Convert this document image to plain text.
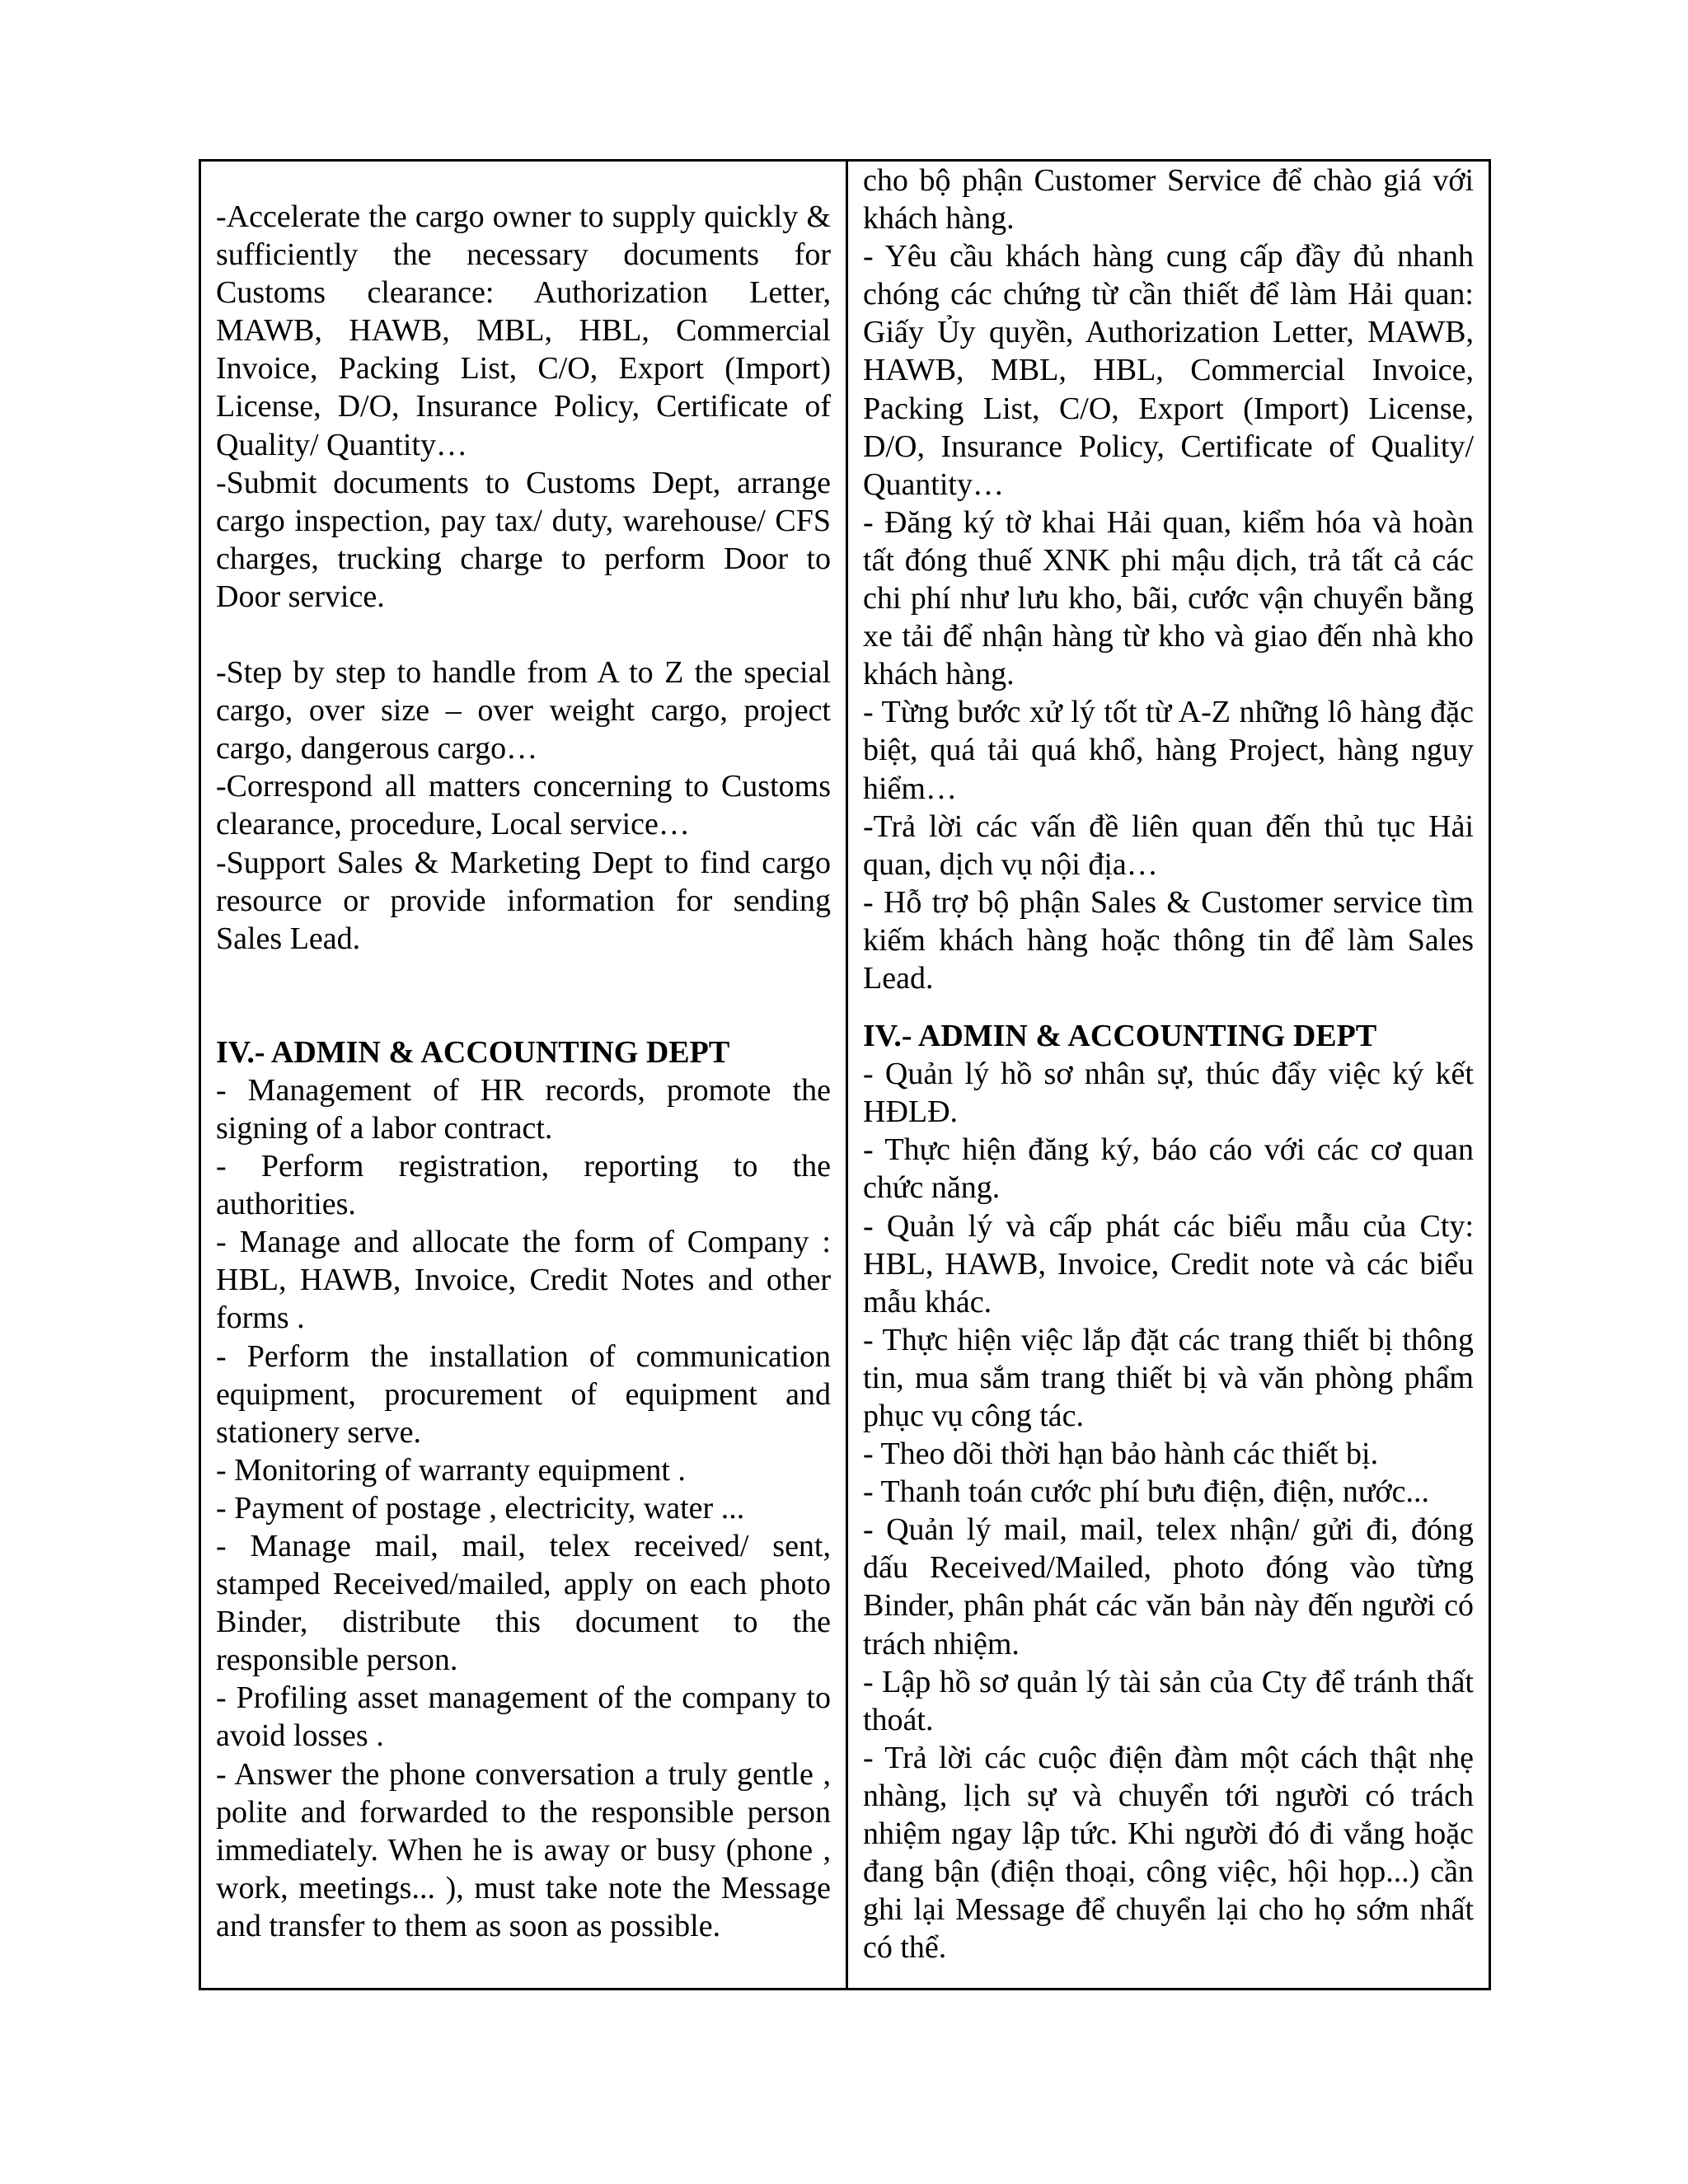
-Accelerate the cargo owner to supply quickly & sufficiently the necessary documents for Customs clearance: Authorization Letter, MAWB, HAWB, MBL, HBL, Commercial Invoice, Packing List, C/O, Export (Import) License, D/O, Insurance Policy, Certificate of Quality/ Quantity…

-Submit documents to Customs Dept, arrange cargo inspection, pay tax/ duty, warehouse/ CFS charges, trucking charge to perform Door to Door service.

-Step by step to handle from A to Z the special cargo, over size – over weight cargo, project cargo, dangerous cargo…

-Correspond all matters concerning to Customs clearance, procedure, Local service…

-Support Sales & Marketing Dept to find cargo resource or provide information for sending Sales Lead.

IV.- ADMIN & ACCOUNTING DEPT

- Management of HR records, promote the signing of a labor contract.

- Perform registration, reporting to the authorities.

- Manage and allocate the form of Company : HBL, HAWB, Invoice, Credit Notes and other forms .

- Perform the installation of communication equipment, procurement of equipment and stationery serve.

- Monitoring of warranty equipment .

- Payment of postage , electricity, water ...

- Manage mail, mail, telex received/ sent, stamped Received/mailed, apply on each photo Binder, distribute this document to the responsible person.

- Profiling asset management of the company to avoid losses .

- Answer the phone conversation a truly gentle , polite and forwarded to the responsible person immediately. When he is away or busy (phone , work, meetings... ), must take note the Message and transfer to them as soon as possible.

cho bộ phận Customer Service để chào giá với khách hàng.

- Yêu cầu khách hàng cung cấp đầy đủ nhanh chóng các chứng từ cần thiết để làm Hải quan: Giấy Ủy quyền, Authorization Letter, MAWB, HAWB, MBL, HBL, Commercial Invoice, Packing List, C/O, Export (Import) License, D/O, Insurance Policy, Certificate of Quality/ Quantity…

- Đăng ký tờ khai Hải quan, kiểm hóa và hoàn tất đóng thuế XNK phi mậu dịch, trả tất cả các chi phí như lưu kho, bãi, cước vận chuyển bằng xe tải để nhận hàng từ kho và giao đến nhà kho khách hàng.

- Từng bước xử lý tốt từ A-Z những lô hàng đặc biệt, quá tải quá khổ, hàng Project, hàng nguy hiểm…

-Trả lời các vấn đề liên quan đến thủ tục Hải quan, dịch vụ nội địa…

- Hỗ trợ bộ phận Sales & Customer service tìm kiếm khách hàng hoặc thông tin để làm Sales Lead.

IV.- ADMIN & ACCOUNTING DEPT

- Quản lý hồ sơ nhân sự, thúc đẩy việc ký kết HĐLĐ.

- Thực hiện đăng ký, báo cáo với các cơ quan chức năng.

- Quản lý và cấp phát các biểu mẫu của Cty: HBL, HAWB, Invoice, Credit note và các biểu mẫu khác.

- Thực hiện việc lắp đặt các trang thiết bị thông tin, mua sắm trang thiết bị và văn phòng phẩm phục vụ công tác.

- Theo dõi thời hạn bảo hành các thiết bị.

- Thanh toán cước phí bưu điện, điện, nước...

- Quản lý mail, mail, telex nhận/ gửi đi, đóng dấu Received/Mailed, photo đóng vào từng Binder, phân phát các văn bản này đến người có trách nhiệm.

- Lập hồ sơ quản lý tài sản của Cty để tránh thất thoát.

- Trả lời các cuộc điện đàm một cách thật nhẹ nhàng, lịch sự và chuyển tới người có trách nhiệm ngay lập tức. Khi người đó đi vắng hoặc đang bận (điện thoại, công việc, hội họp...) cần ghi lại Message để chuyển lại cho họ sớm nhất có thể.
